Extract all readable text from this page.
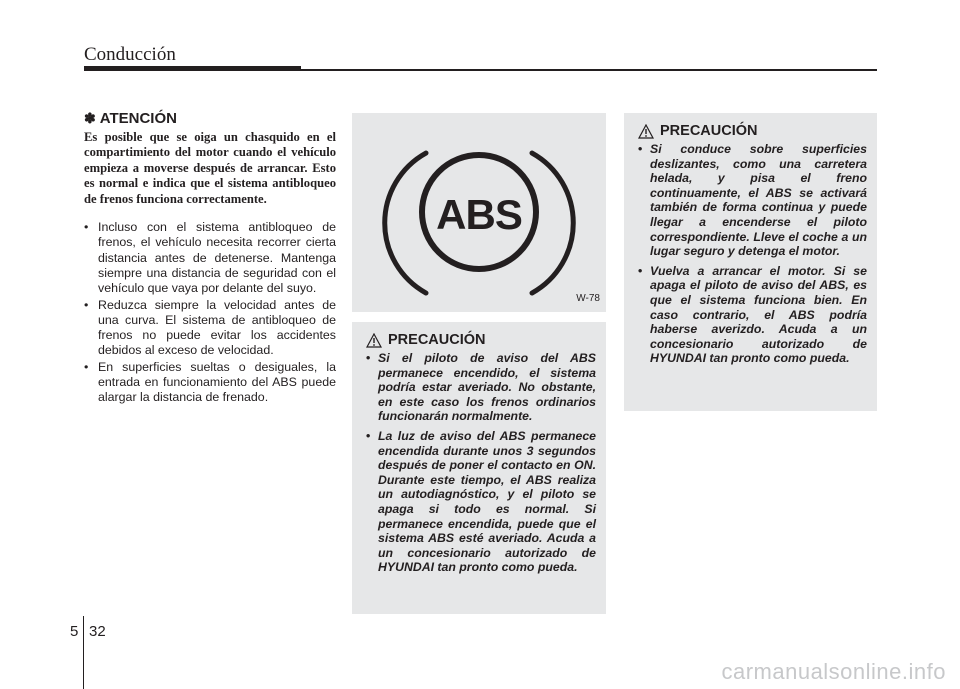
Conducción
✽ ATENCIÓN

Es posible que se oiga un chasquido en el compartimiento del motor cuando el vehículo empieza a moverse después de arrancar. Esto es normal e indica que el sistema antibloqueo de frenos funciona correctamente.

• Incluso con el sistema antibloqueo de frenos, el vehículo necesita recorrer cierta distancia antes de detenerse. Mantenga siempre una distancia de seguridad con el vehículo que vaya por delante del suyo.
• Reduzca siempre la velocidad antes de una curva. El sistema de antibloqueo de frenos no puede evitar los accidentes debidos al exceso de velocidad.
• En superficies sueltas o desiguales, la entrada en funcionamiento del ABS puede alargar la distancia de frenado.
ABS
W-78
PRECAUCIÓN
• Si el piloto de aviso del ABS permanece encendido, el sistema podría estar averiado. No obstante, en este caso los frenos ordinarios funcionarán normalmente.
• La luz de aviso del ABS permanece encendida durante unos 3 segundos después de poner el contacto en ON. Durante este tiempo, el ABS realiza un autodiagnóstico, y el piloto se apaga si todo es normal. Si permanece encendida, puede que el sistema ABS esté averiado. Acuda a un concesionario autorizado de HYUNDAI tan pronto como pueda.
PRECAUCIÓN
• Si conduce sobre superficies deslizantes, como una carretera helada, y pisa el freno continuamente, el ABS se activará también de forma continua y puede llegar a encenderse el piloto correspondiente. Lleve el coche a un lugar seguro y detenga el motor.
• Vuelva a arrancar el motor. Si se apaga el piloto de aviso del ABS, es que el sistema funciona bien. En caso contrario, el ABS podría haberse averizdo. Acuda a un concesionario autorizado de HYUNDAI tan pronto como pueda.
5 32
carmanualsonline.info
